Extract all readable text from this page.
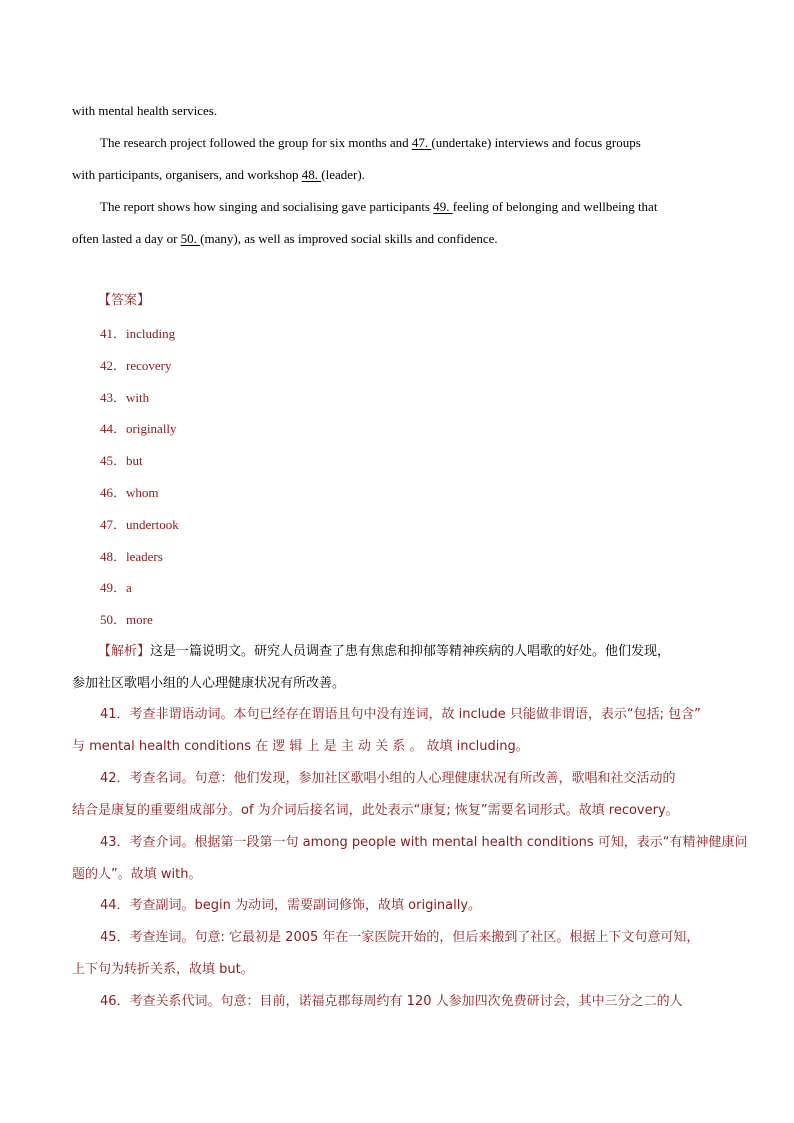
with mental health services.
The research project followed the group for six months and 47. (undertake) interviews and focus groups
with participants, organisers, and workshop 48. (leader).
The report shows how singing and socialising gave participants 49. feeling of belonging and wellbeing that
often lasted a day or 50. (many), as well as improved social skills and confidence.
【答案】
41．including
42．recovery
43．with
44．originally
45．but
46．whom
47．undertook
48．leaders
49．a
50．more
【解析】这是一篇说明文。研究人员调查了患有焦虑和抑郁等精神疾病的人唱歌的好处。他们发现，
参加社区歌唱小组的人心理健康状况有所改善。
41．考查非谓语动词。本句已经存在谓语且句中没有连词，故 include 只能做非谓语，表示“包括; 包含”
与 mental health conditions 在 逻 辑 上 是 主 动 关 系 。 故填 including。
42．考查名词。句意：他们发现，参加社区歌唱小组的人心理健康状况有所改善，歌唱和社交活动的
结合是康复的重要组成部分。of 为介词后接名词，此处表示“康复; 恢复”需要名词形式。故填 recovery。
43．考查介词。根据第一段第一句 among people with mental health conditions 可知，表示“有精神健康问
题的人”。故填 with。
44．考查副词。begin 为动词，需要副词修饰，故填 originally。
45．考查连词。句意: 它最初是 2005 年在一家医院开始的，但后来搬到了社区。根据上下文句意可知，
上下句为转折关系，故填 but。
46．考查关系代词。句意：目前，诺福克郡每周约有 120 人参加四次免费研讨会，其中三分之二的人
